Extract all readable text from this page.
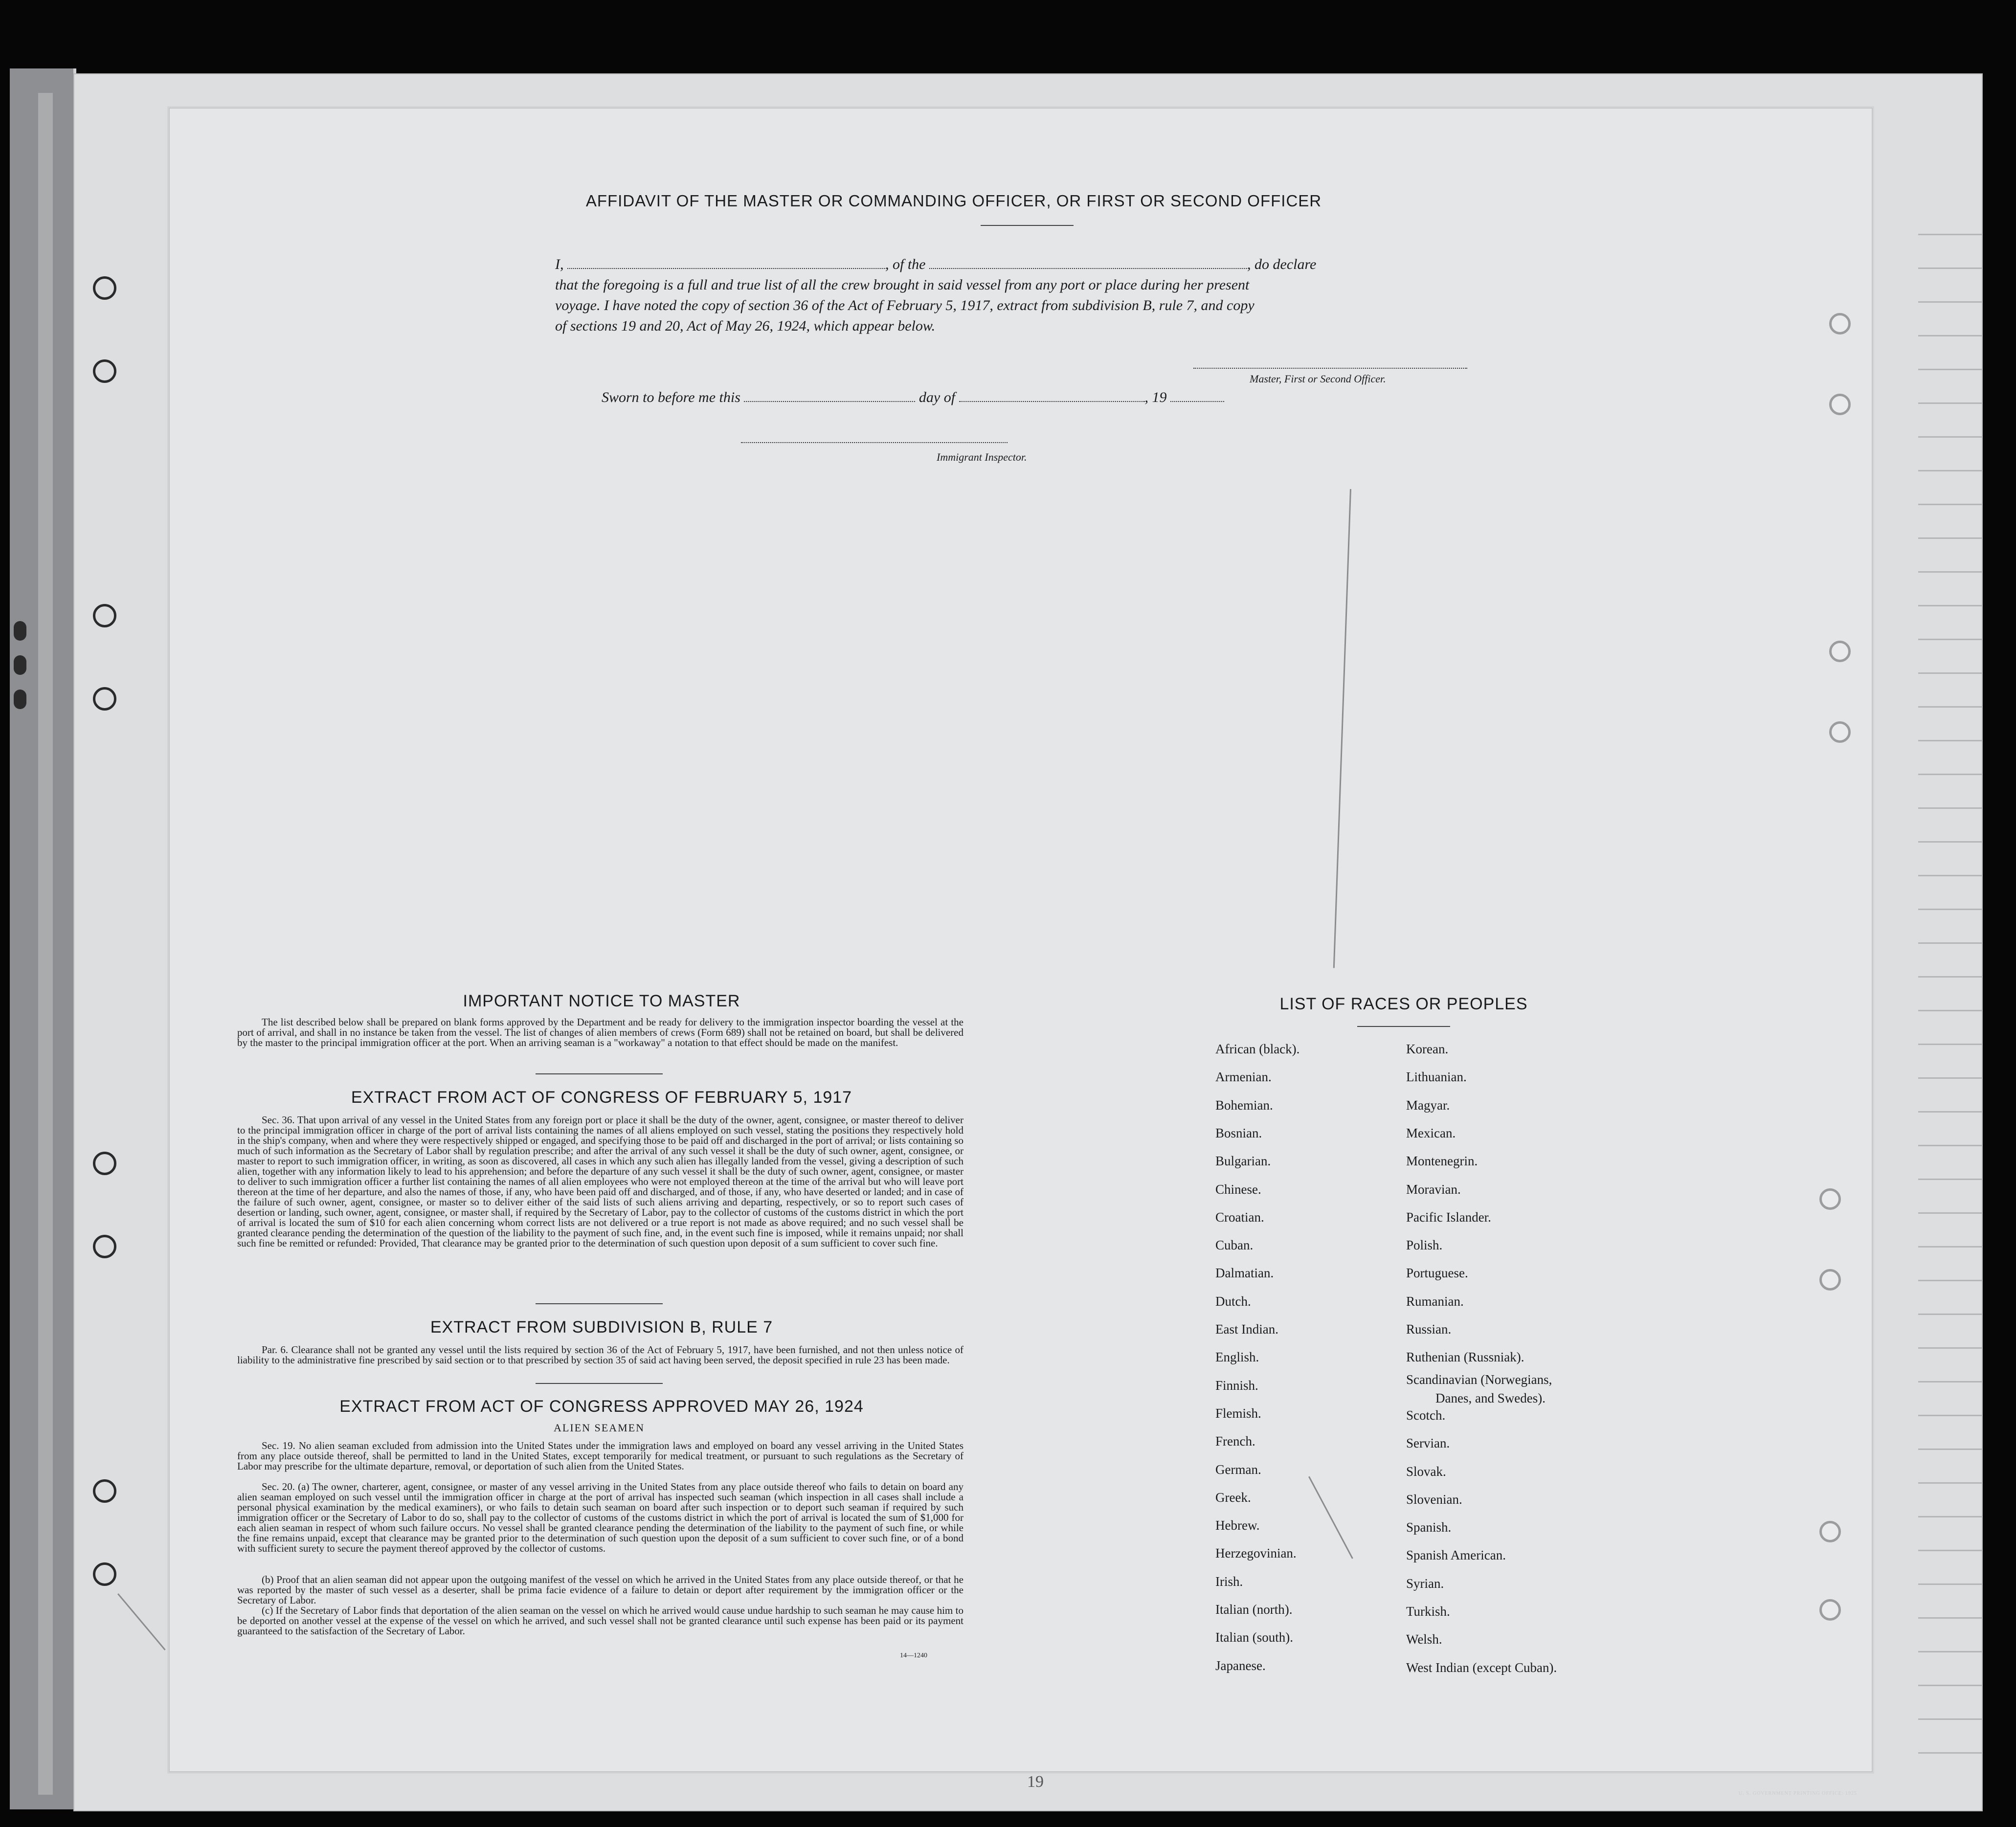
AFFIDAVIT OF THE MASTER OR COMMANDING OFFICER, OR FIRST OR SECOND OFFICER
I,	, of the	, do declare
that the foregoing is a full and true list of all the crew brought in said vessel from any port or place during her present
voyage. I have noted the copy of section 36 of the Act of February 5, 1917, extract from subdivision B, rule 7, and copy
of sections 19 and 20, Act of May 26, 1924, which appear below.
Master, First or Second Officer.
Sworn to before me this	day of	, 19
Immigrant Inspector.
IMPORTANT NOTICE TO MASTER
The list described below shall be prepared on blank forms approved by the Department and be ready for delivery to the immigration inspector boarding the vessel at the port of arrival, and shall in no instance be taken from the vessel. The list of changes of alien members of crews (Form 689) shall not be retained on board, but shall be delivered by the master to the principal immigration officer at the port. When an arriving seaman is a "workaway" a notation to that effect should be made on the manifest.
EXTRACT FROM ACT OF CONGRESS OF FEBRUARY 5, 1917
Sec. 36. That upon arrival of any vessel in the United States from any foreign port or place it shall be the duty of the owner, agent, consignee, or master thereof to deliver to the principal immigration officer in charge of the port of arrival lists containing the names of all aliens employed on such vessel, stating the positions they respectively hold in the ship's company, when and where they were respectively shipped or engaged, and specifying those to be paid off and discharged in the port of arrival; or lists containing so much of such information as the Secretary of Labor shall by regulation prescribe; and after the arrival of any such vessel it shall be the duty of such owner, agent, consignee, or master to report to such immigration officer, in writing, as soon as discovered, all cases in which any such alien has illegally landed from the vessel, giving a description of such alien, together with any information likely to lead to his apprehension; and before the departure of any such vessel it shall be the duty of such owner, agent, consignee, or master to deliver to such immigration officer a further list containing the names of all alien employees who were not employed thereon at the time of the arrival but who will leave port thereon at the time of her departure, and also the names of those, if any, who have been paid off and discharged, and of those, if any, who have deserted or landed; and in case of the failure of such owner, agent, consignee, or master so to deliver either of the said lists of such aliens arriving and departing, respectively, or so to report such cases of desertion or landing, such owner, agent, consignee, or master shall, if required by the Secretary of Labor, pay to the collector of customs of the customs district in which the port of arrival is located the sum of $10 for each alien concerning whom correct lists are not delivered or a true report is not made as above required; and no such vessel shall be granted clearance pending the determination of the question of the liability to the payment of such fine, and, in the event such fine is imposed, while it remains unpaid; nor shall such fine be remitted or refunded: Provided, That clearance may be granted prior to the determination of such question upon deposit of a sum sufficient to cover such fine.
EXTRACT FROM SUBDIVISION B, RULE 7
Par. 6. Clearance shall not be granted any vessel until the lists required by section 36 of the Act of February 5, 1917, have been furnished, and not then unless notice of liability to the administrative fine prescribed by said section or to that prescribed by section 35 of said act having been served, the deposit specified in rule 23 has been made.
EXTRACT FROM ACT OF CONGRESS APPROVED MAY 26, 1924
ALIEN SEAMEN
Sec. 19. No alien seaman excluded from admission into the United States under the immigration laws and employed on board any vessel arriving in the United States from any place outside thereof, shall be permitted to land in the United States, except temporarily for medical treatment, or pursuant to such regulations as the Secretary of Labor may prescribe for the ultimate departure, removal, or deportation of such alien from the United States.
Sec. 20. (a) The owner, charterer, agent, consignee, or master of any vessel arriving in the United States from any place outside thereof who fails to detain on board any alien seaman employed on such vessel until the immigration officer in charge at the port of arrival has inspected such seaman (which inspection in all cases shall include a personal physical examination by the medical examiners), or who fails to detain such seaman on board after such inspection or to deport such seaman if required by such immigration officer or the Secretary of Labor to do so, shall pay to the collector of customs of the customs district in which the port of arrival is located the sum of $1,000 for each alien seaman in respect of whom such failure occurs. No vessel shall be granted clearance pending the determination of the liability to the payment of such fine, or while the fine remains unpaid, except that clearance may be granted prior to the determination of such question upon the deposit of a sum sufficient to cover such fine, or of a bond with sufficient surety to secure the payment thereof approved by the collector of customs.
(b) Proof that an alien seaman did not appear upon the outgoing manifest of the vessel on which he arrived in the United States from any place outside thereof, or that he was reported by the master of such vessel as a deserter, shall be prima facie evidence of a failure to detain or deport after requirement by the immigration officer or the Secretary of Labor.
(c) If the Secretary of Labor finds that deportation of the alien seaman on the vessel on which he arrived would cause undue hardship to such seaman he may cause him to be deported on another vessel at the expense of the vessel on which he arrived, and such vessel shall not be granted clearance until such expense has been paid or its payment guaranteed to the satisfaction of the Secretary of Labor.
14—1240
U. S. GOVERNMENT PRINTING OFFICE: 1925
19
LIST OF RACES OR PEOPLES
African (black).
Armenian.
Bohemian.
Bosnian.
Bulgarian.
Chinese.
Croatian.
Cuban.
Dalmatian.
Dutch.
East Indian.
English.
Finnish.
Flemish.
French.
German.
Greek.
Hebrew.
Herzegovinian.
Irish.
Italian (north).
Italian (south).
Japanese.
Korean.
Lithuanian.
Magyar.
Mexican.
Montenegrin.
Moravian.
Pacific Islander.
Polish.
Portuguese.
Rumanian.
Russian.
Ruthenian (Russniak).
Scandinavian (Norwegians,
Danes, and Swedes).
Scotch.
Servian.
Slovak.
Slovenian.
Spanish.
Spanish American.
Syrian.
Turkish.
Welsh.
West Indian (except Cuban).
